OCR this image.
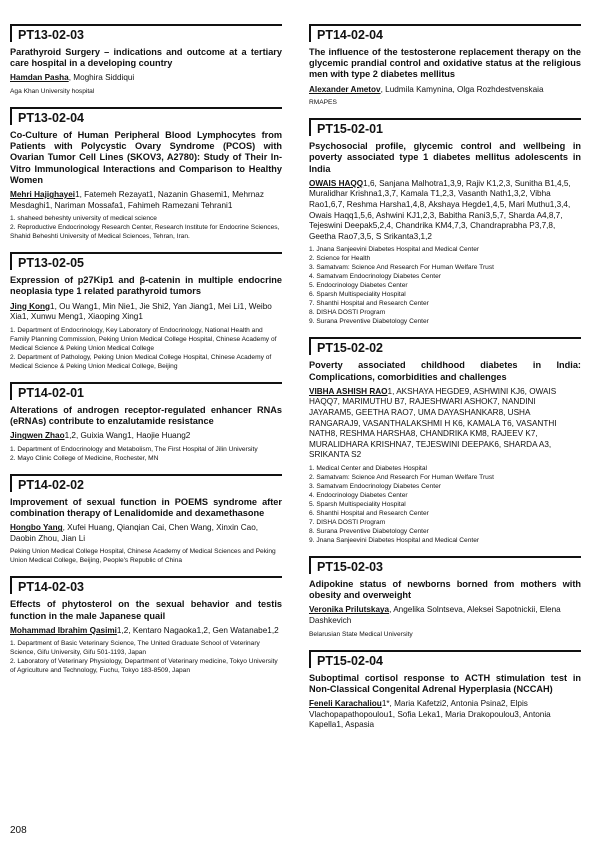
PT13-02-03
Parathyroid Surgery – indications and outcome at a tertiary care hospital in a developing country
Hamdan Pasha, Moghira Siddiqui
Aga Khan University hospital
PT13-02-04
Co-Culture of Human Peripheral Blood Lymphocytes from Patients with Polycystic Ovary Syndrome (PCOS) with Ovarian Tumor Cell Lines (SKOV3, A2780): Study of Their In-Vitro Immunological Interactions and Comparison to Healthy Women
Mehri Hajighayei1, Fatemeh Rezayat1, Nazanin Ghasemi1, Mehrnaz Mesdaghi1, Nariman Mossafa1, Fahimeh Ramezani Tehrani1
1. shaheed beheshty university of medical science
2. Reproductive Endocrinology Research Center, Research Institute for Endocrine Sciences, Shahid Beheshti University of Medical Sciences, Tehran, Iran.
PT13-02-05
Expression of p27Kip1 and β-catenin in multiple endocrine neoplasia type 1 related parathyroid tumors
Jing Kong1, Ou Wang1, Min Nie1, Jie Shi2, Yan Jiang1, Mei Li1, Weibo Xia1, Xunwu Meng1, Xiaoping Xing1
1. Department of Endocrinology, Key Laboratory of Endocrinology, National Health and Family Planning Commission, Peking Union Medical College Hospital, Chinese Academy of Medical Science & Peking Union Medical College
2. Department of Pathology, Peking Union Medical College Hospital, Chinese Academy of Medical Science & Peking Union Medical College, Beijing
PT14-02-01
Alterations of androgen receptor-regulated enhancer RNAs (eRNAs) contribute to enzalutamide resistance
Jingwen Zhao1,2, Guixia Wang1, Haojie Huang2
1. Department of Endocrinology and Metabolism, The First Hospital of Jilin University
2. Mayo Clinic College of Medicine, Rochester, MN
PT14-02-02
Improvement of sexual function in POEMS syndrome after combination therapy of Lenalidomide and dexamethasone
Hongbo Yang, Xufei Huang, Qianqian Cai, Chen Wang, Xinxin Cao, Daobin Zhou, Jian Li
Peking Union Medical College Hospital, Chinese Academy of Medical Sciences and Peking Union Medical College, Beijing, People's Republic of China
PT14-02-03
Effects of phytosterol on the sexual behavior and testis function in the male Japanese quail
Mohammad Ibrahim Qasimi1,2, Kentaro Nagaoka1,2, Gen Watanabe1,2
1. Department of Basic Veterinary Science, The United Graduate School of Veterinary Science, Gifu University, Gifu 501-1193, Japan
2. Laboratory of Veterinary Physiology, Department of Veterinary medicine, Tokyo University of Agriculture and Technology, Fuchu, Tokyo 183-8509, Japan
PT14-02-04
The influence of the testosterone replacement therapy on the glycemic prandial control and oxidative status at the religious men with type 2 diabetes mellitus
Alexander Ametov, Ludmila Kamynina, Olga Rozhdestvenskaia
RMAPES
PT15-02-01
Psychosocial profile, glycemic control and wellbeing in poverty associated type 1 diabetes mellitus adolescents in India
OWAIS HAQQ1,6, Sanjana Malhotra1,3,9, Rajiv K1,2,3, Sunitha B1,4,5, Muralidhar Krishna1,3,7, Kamala T1,2,3, Vasanth Nath1,3,2, Vibha Rao1,6,7, Reshma Harsha1,4,8, Akshaya Hegde1,4,5, Mari Muthu1,3,4, Owais Haqq1,5,6, Ashwini KJ1,2,3, Babitha Rani3,5,7, Sharda A4,8,7, Tejeswini Deepak5,2,4, Chandrika KM4,7,3, Chandraprabha P3,7,8, Geetha Rao7,3,5, S Srikanta3,1,2
1. Jnana Sanjeevini Diabetes Hospital and Medical Center
2. Science for Health
3. Samatvam: Science And Research For Human Welfare Trust
4. Samatvam Endocrinology Diabetes Center
5. Endocrinology Diabetes Center
6. Sparsh Multispeciality Hospital
7. Shanthi Hospital and Research Center
8. DISHA DOSTI Program
9. Surana Preventive Diabetology Center
PT15-02-02
Poverty associated childhood diabetes in India: Complications, comorbidities and challenges
VIBHA ASHISH RAO1, AKSHAYA HEGDE9, ASHWINI KJ6, OWAIS HAQQ7, MARIMUTHU B7, RAJESHWARI ASHOK7, NANDINI JAYARAM5, GEETHA RAO7, UMA DAYASHANKAR8, USHA RANGARAJ9, VASANTHALAKSHMI H K6, KAMALA T6, VASANTHI NATH8, RESHMA HARSHA8, CHANDRIKA KM8, RAJEEV K7, MURALIDHARA KRISHNA7, TEJESWINI DEEPAK6, SHARDA A3, SRIKANTA S2
1. Medical Center and Diabetes Hospital
2. Samatvam: Science And Research For Human Welfare Trust
3. Samatvam Endocrinology Diabetes Center
4. Endocrinology Diabetes Center
5. Sparsh Multispeciality Hospital
6. Shanthi Hospital and Research Center
7. DISHA DOSTI Program
8. Surana Preventive Diabetology Center
9. Jnana Sanjeevini Diabetes Hospital and Medical Center
PT15-02-03
Adipokine status of newborns borned from mothers with obesity and overweight
Veronika Prilutskaya, Angelika Solntseva, Aleksei Sapotnickii, Elena Dashkevich
Belarusian State Medical University
PT15-02-04
Suboptimal cortisol response to ACTH stimulation test in Non-Classical Congenital Adrenal Hyperplasia (NCCAH)
Feneli Karachaliou1*, Maria Kafetzi2, Antonia Psina2, Elpis Vlachopapathopoulou1, Sofia Leka1, Maria Drakopoulou3, Antonia Kapella1, Aspasia
208
